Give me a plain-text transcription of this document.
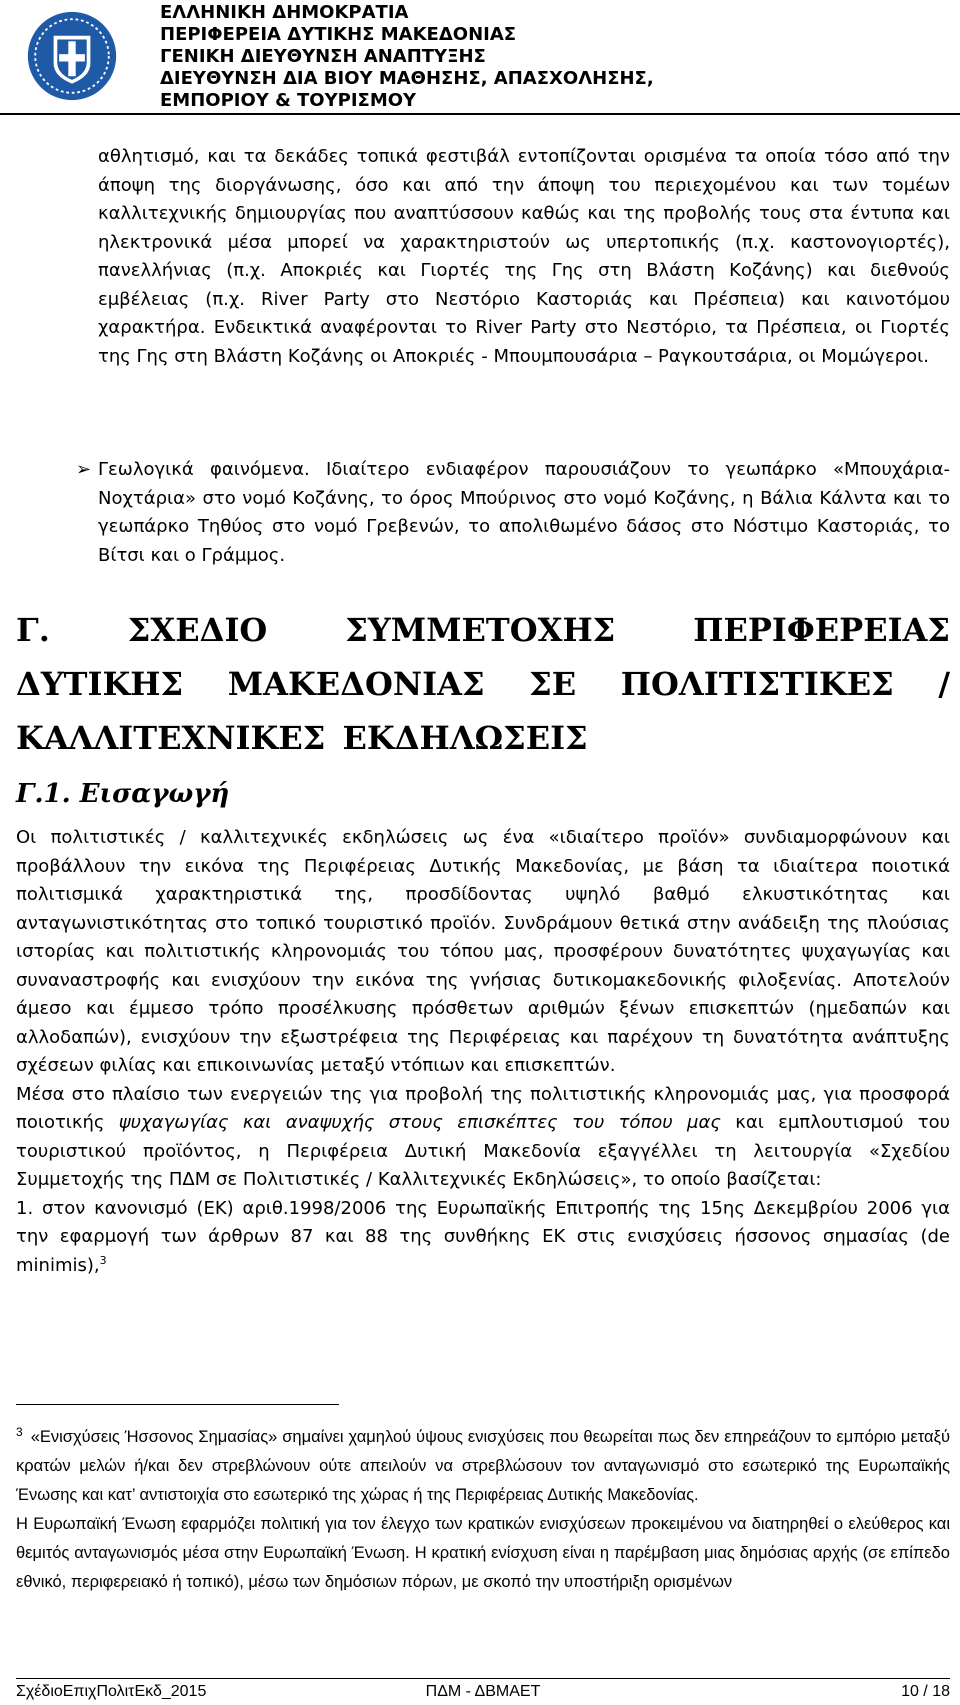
ΕΛΛΗΝΙΚΗ ΔΗΜΟΚΡΑΤΙΑ
ΠΕΡΙΦΕΡΕΙΑ ΔΥΤΙΚΗΣ ΜΑΚΕΔΟΝΙΑΣ
ΓΕΝΙΚΗ ΔΙΕΥΘΥΝΣΗ ΑΝΑΠΤΥΞΗΣ
ΔΙΕΥΘΥΝΣΗ ΔΙΑ ΒΙΟΥ ΜΑΘΗΣΗΣ, ΑΠΑΣΧΟΛΗΣΗΣ,
ΕΜΠΟΡΙΟΥ & ΤΟΥΡΙΣΜΟΥ
αθλητισμό, και τα δεκάδες τοπικά φεστιβάλ εντοπίζονται ορισμένα τα οποία τόσο από την άποψη της διοργάνωσης, όσο και από την άποψη του περιεχομένου και των τομέων καλλιτεχνικής δημιουργίας που αναπτύσσουν καθώς και της προβολής τους στα έντυπα και ηλεκτρονικά μέσα μπορεί να χαρακτηριστούν ως υπερτοπικής (π.χ. καστονογιορτές), πανελλήνιας (π.χ. Αποκριές και Γιορτές της Γης στη Βλάστη Κοζάνης) και διεθνούς εμβέλειας (π.χ. River Party στο Νεστόριο Καστοριάς και Πρέσπεια) και καινοτόμου χαρακτήρα. Ενδεικτικά αναφέρονται το River Party στο Νεστόριο, τα Πρέσπεια, οι Γιορτές της Γης στη Βλάστη Κοζάνης οι Αποκριές - Μπουμπουσάρια – Ραγκουτσάρια, οι Μομώγεροι.
➢ Γεωλογικά φαινόμενα. Ιδιαίτερο ενδιαφέρον παρουσιάζουν το γεωπάρκο «Μπουχάρια-Νοχτάρια» στο νομό Κοζάνης, το όρος Μπούρινος στο νομό Κοζάνης, η Βάλια Κάλντα και το γεωπάρκο Τηθύος στο νομό Γρεβενών, το απολιθωμένο δάσος στο Νόστιμο Καστοριάς, το Βίτσι και ο Γράμμος.
Γ. ΣΧΕΔΙΟ ΣΥΜΜΕΤΟΧΗΣ ΠΕΡΙΦΕΡΕΙΑΣ ΔΥΤΙΚΗΣ ΜΑΚΕΔΟΝΙΑΣ ΣΕ ΠΟΛΙΤΙΣΤΙΚΕΣ / ΚΑΛΛΙΤΕΧΝΙΚΕΣ ΕΚΔΗΛΩΣΕΙΣ
Γ.1. Εισαγωγή

Οι πολιτιστικές / καλλιτεχνικές εκδηλώσεις ως ένα «ιδιαίτερο προϊόν» συνδιαμορφώνουν και προβάλλουν την εικόνα της Περιφέρειας Δυτικής Μακεδονίας, με βάση τα ιδιαίτερα ποιοτικά πολιτισμικά χαρακτηριστικά της, προσδίδοντας υψηλό βαθμό ελκυστικότητας και ανταγωνιστικότητας στο τοπικό τουριστικό προϊόν. Συνδράμουν θετικά στην ανάδειξη της πλούσιας ιστορίας και πολιτιστικής κληρονομιάς του τόπου μας, προσφέρουν δυνατότητες ψυχαγωγίας και συναναστροφής και ενισχύουν την εικόνα της γνήσιας δυτικομακεδονικής φιλοξενίας. Αποτελούν άμεσο και έμμεσο τρόπο προσέλκυσης πρόσθετων αριθμών ξένων επισκεπτών (ημεδαπών και αλλοδαπών), ενισχύουν την εξωστρέφεια της Περιφέρειας και παρέχουν τη δυνατότητα ανάπτυξης σχέσεων φιλίας και επικοινωνίας μεταξύ ντόπιων και επισκεπτών.

Μέσα στο πλαίσιο των ενεργειών της για προβολή της πολιτιστικής κληρονομιάς μας, για προσφορά ποιοτικής ψυχαγωγίας και αναψυχής στους επισκέπτες του τόπου μας και εμπλουτισμού του τουριστικού προϊόντος, η Περιφέρεια Δυτική Μακεδονία εξαγγέλλει τη λειτουργία «Σχεδίου Συμμετοχής της ΠΔΜ σε Πολιτιστικές / Καλλιτεχνικές Εκδηλώσεις», το οποίο βασίζεται:

1. στον κανονισμό (ΕΚ) αριθ.1998/2006 της Ευρωπαϊκής Επιτροπής της 15ης Δεκεμβρίου 2006 για την εφαρμογή των άρθρων 87 και 88 της συνθήκης ΕΚ στις ενισχύσεις ήσσονος σημασίας (de minimis),$^3$

$^3$ «Ενισχύσεις Ήσσονος Σημασίας» σημαίνει χαμηλού ύψους ενισχύσεις που θεωρείται πως δεν επηρεάζουν το εμπόριο μεταξύ κρατών μελών ή/και δεν στρεβλώνουν ούτε απειλούν να στρεβλώσουν τον ανταγωνισμό στο εσωτερικό της Ευρωπαϊκής Ένωσης και κατ’ αντιστοιχία στο εσωτερικό της χώρας ή της Περιφέρειας Δυτικής Μακεδονίας.

Η Ευρωπαϊκή Ένωση εφαρμόζει πολιτική για τον έλεγχο των κρατικών ενισχύσεων προκειμένου να διατηρηθεί ο ελεύθερος και θεμιτός ανταγωνισμός μέσα στην Ευρωπαϊκή Ένωση. Η κρατική ενίσχυση είναι η παρέμβαση μιας δημόσιας αρχής (σε επίπεδο εθνικό, περιφερειακό ή τοπικό), μέσω των δημόσιων πόρων, με σκοπό την υποστήριξη ορισμένων

ΠΔΜ - ΔΒΜΑΕΤ
ΣχέδιοΕπιχΠολιτΕκδ_2015	10 / 18
